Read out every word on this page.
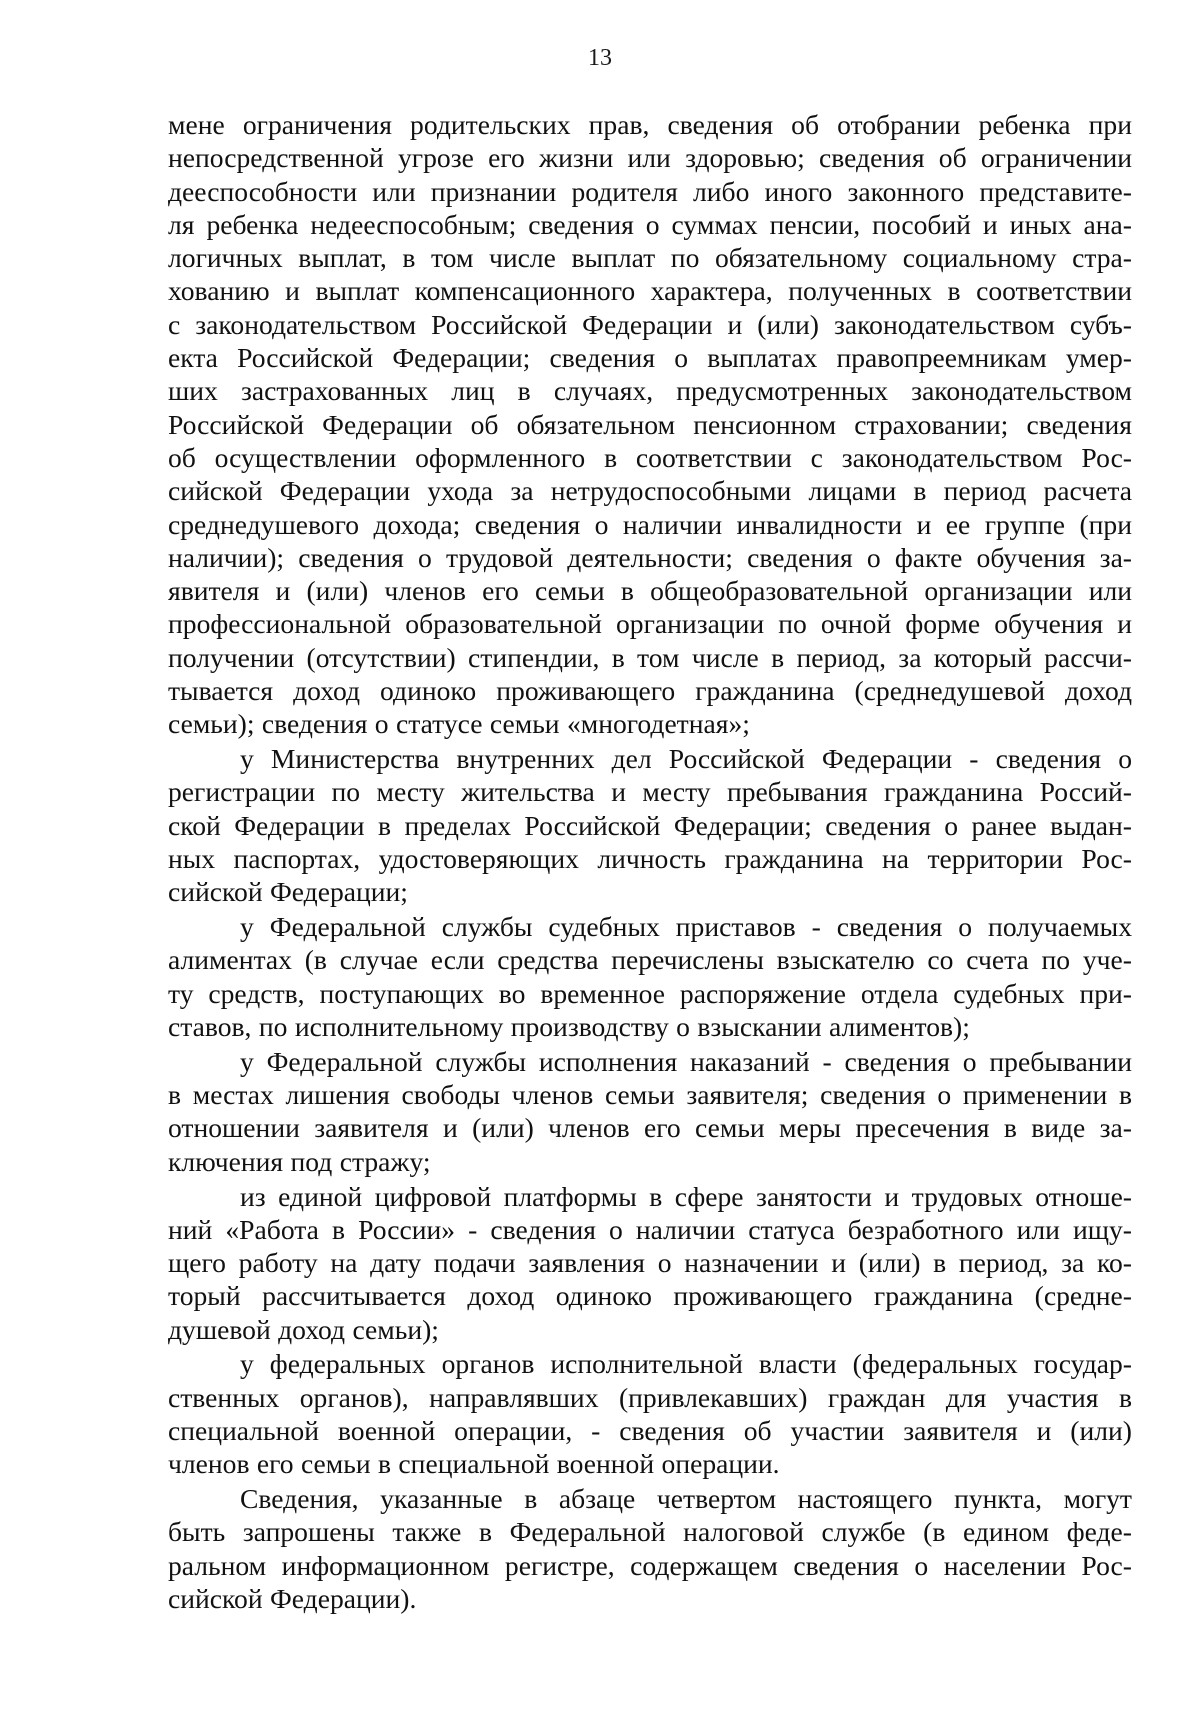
13
мене ограничения родительских прав, сведения об отобрании ребенка при
непосредственной угрозе его жизни или здоровью; сведения об ограничении
дееспособности или признании родителя либо иного законного представите-
ля ребенка недееспособным; сведения о суммах пенсии, пособий и иных ана-
логичных выплат, в том числе выплат по обязательному социальному стра-
хованию и выплат компенсационного характера, полученных в соответствии
с законодательством Российской Федерации и (или) законодательством субъ-
екта Российской Федерации; сведения о выплатах правопреемникам умер-
ших застрахованных лиц в случаях, предусмотренных законодательством
Российской Федерации об обязательном пенсионном страховании; сведения
об осуществлении оформленного в соответствии с законодательством Рос-
сийской Федерации ухода за нетрудоспособными лицами в период расчета
среднедушевого дохода; сведения о наличии инвалидности и ее группе (при
наличии); сведения о трудовой деятельности; сведения о факте обучения за-
явителя и (или) членов его семьи в общеобразовательной организации или
профессиональной образовательной организации по очной форме обучения и
получении (отсутствии) стипендии, в том числе в период, за который рассчи-
тывается доход одиноко проживающего гражданина (среднедушевой доход
семьи); сведения о статусе семьи «многодетная»;
у Министерства внутренних дел Российской Федерации - сведения о
регистрации по месту жительства и месту пребывания гражданина Россий-
ской Федерации в пределах Российской Федерации; сведения о ранее выдан-
ных паспортах, удостоверяющих личность гражданина на территории Рос-
сийской Федерации;
у Федеральной службы судебных приставов - сведения о получаемых
алиментах (в случае если средства перечислены взыскателю со счета по уче-
ту средств, поступающих во временное распоряжение отдела судебных при-
ставов, по исполнительному производству о взыскании алиментов);
у Федеральной службы исполнения наказаний - сведения о пребывании
в местах лишения свободы членов семьи заявителя; сведения о применении в
отношении заявителя и (или) членов его семьи меры пресечения в виде за-
ключения под стражу;
из единой цифровой платформы в сфере занятости и трудовых отноше-
ний «Работа в России» - сведения о наличии статуса безработного или ищу-
щего работу на дату подачи заявления о назначении и (или) в период, за ко-
торый рассчитывается доход одиноко проживающего гражданина (средне-
душевой доход семьи);
у федеральных органов исполнительной власти (федеральных государ-
ственных органов), направлявших (привлекавших) граждан для участия в
специальной военной операции, - сведения об участии заявителя и (или)
членов его семьи в специальной военной операции.
Сведения, указанные в абзаце четвертом настоящего пункта, могут
быть запрошены также в Федеральной налоговой службе (в едином феде-
ральном информационном регистре, содержащем сведения о населении Рос-
сийской Федерации).
